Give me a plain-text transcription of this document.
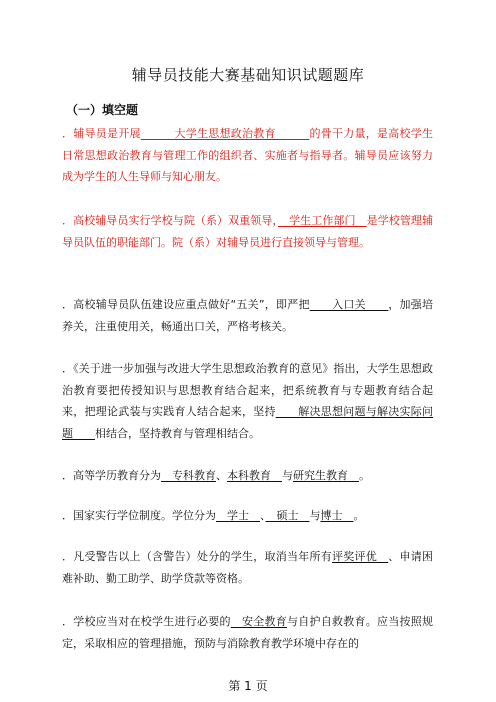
辅导员技能大赛基础知识试题题库
（一）填空题
．辅导员是开展　　　大学生思想政治教育　　　的骨干力量，是高校学生日常思想政治教育与管理工作的组织者、实施者与指导者。辅导员应该努力成为学生的人生导师与知心朋友。
．高校辅导员实行学校与院（系）双重领导，　学生工作部门　是学校管理辅导员队伍的职能部门。院（系）对辅导员进行直接领导与管理。
．高校辅导员队伍建设应重点做好“五关”，即严把　　入口关　　，加强培养关，注重使用关，畅通出口关，严格考核关。
．《关于进一步加强与改进大学生思想政治教育的意见》指出，大学生思想政治教育要把传授知识与思想教育结合起来，把系统教育与专题教育结合起来，把理论武装与实践育人结合起来，坚持　　解决思想问题与解决实际问题　　相结合，坚持教育与管理相结合。
．高等学历教育分为　专科教育、本科教育　与研究生教育　。
．国家实行学位制度。学位分为　学士　、　硕士　与博士　。
．凡受警告以上（含警告）处分的学生，取消当年所有评奖评优　、申请困难补助、勤工助学、助学贷款等资格。
．学校应当对在校学生进行必要的　安全教育与自护自救教育。应当按照规定，采取相应的管理措施，预防与消除教育教学环境中存在的
第 1 页
